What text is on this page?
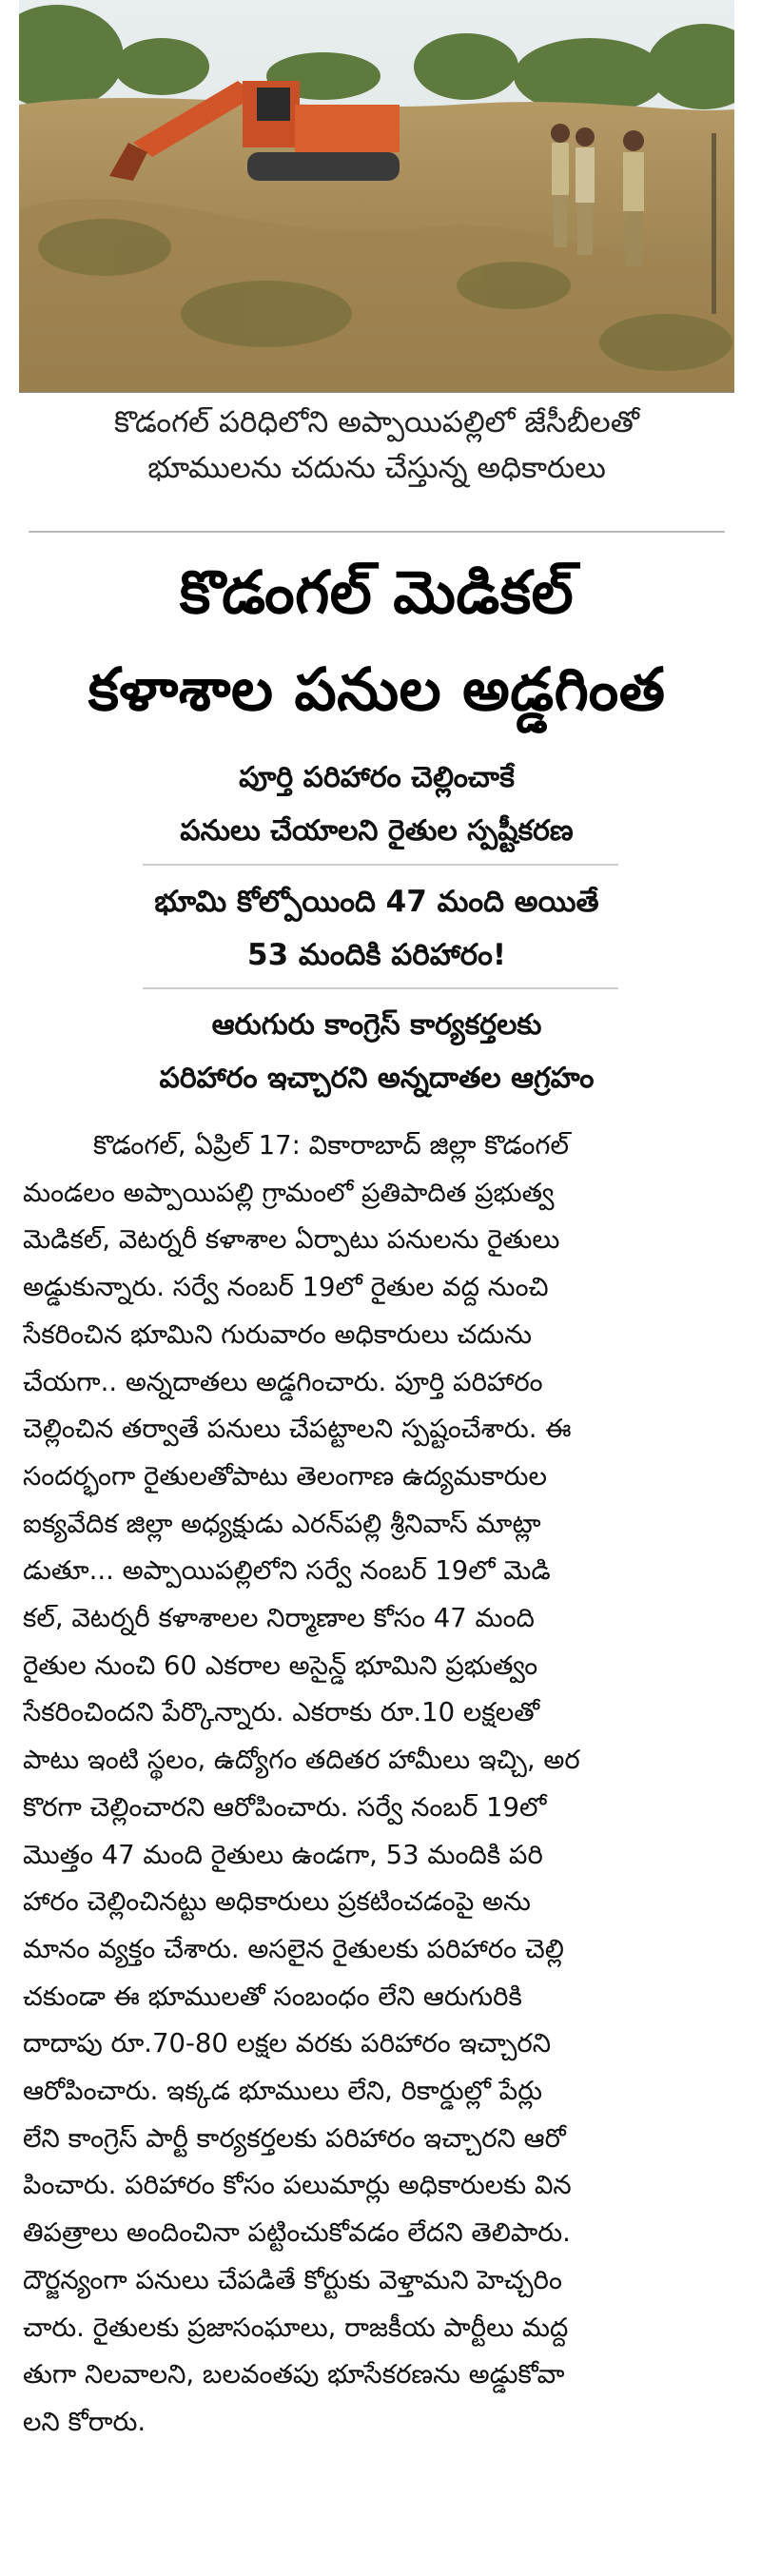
కొడంగల్ పరిధిలోని అప్పాయిపల్లిలో జేసీబీలతో
భూములను చదును చేస్తున్న అధికారులు
కొడంగల్ మెడికల్
కళాశాల పనుల అడ్డగింత
పూర్తి పరిహారం చెల్లించాకే
పనులు చేయాలని రైతుల స్పష్టీకరణ
భూమి కోల్పోయింది 47 మంది అయితే
53 మందికి పరిహారం!
ఆరుగురు కాంగ్రెస్ కార్యకర్తలకు
పరిహారం ఇచ్చారని అన్నదాతల ఆగ్రహం
కొడంగల్, ఏప్రిల్ 17: వికారాబాద్ జిల్లా కొడంగల్
మండలం అప్పాయిపల్లి గ్రామంలో ప్రతిపాదిత ప్రభుత్వ
మెడికల్, వెటర్నరీ కళాశాల ఏర్పాటు పనులను రైతులు
అడ్డుకున్నారు. సర్వే నంబర్ 19లో రైతుల వద్ద నుంచి
సేకరించిన భూమిని గురువారం అధికారులు చదును
చేయగా.. అన్నదాతలు అడ్డగించారు. పూర్తి పరిహారం
చెల్లించిన తర్వాతే పనులు చేపట్టాలని స్పష్టంచేశారు. ఈ
సందర్భంగా రైతులతోపాటు తెలంగాణ ఉద్యమకారుల
ఐక్యవేదిక జిల్లా అధ్యక్షుడు ఎరన్‌పల్లి శ్రీనివాస్ మాట్లా
డుతూ... అప్పాయిపల్లిలోని సర్వే నంబర్ 19లో మెడి
కల్, వెటర్నరీ కళాశాలల నిర్మాణాల కోసం 47 మంది
రైతుల నుంచి 60 ఎకరాల అసైన్డ్ భూమిని ప్రభుత్వం
సేకరించిందని పేర్కొన్నారు. ఎకరాకు రూ.10 లక్షలతో
పాటు ఇంటి స్థలం, ఉద్యోగం తదితర హామీలు ఇచ్చి, అర
కొరగా చెల్లించారని ఆరోపించారు. సర్వే నంబర్ 19లో
మొత్తం 47 మంది రైతులు ఉండగా, 53 మందికి పరి
హారం చెల్లించినట్టు అధికారులు ప్రకటించడంపై అను
మానం వ్యక్తం చేశారు. అసలైన రైతులకు పరిహారం చెల్లి
చకుండా ఈ భూములతో సంబంధం లేని ఆరుగురికి
దాదాపు రూ.70-80 లక్షల వరకు పరిహారం ఇచ్చారని
ఆరోపించారు. ఇక్కడ భూములు లేని, రికార్డుల్లో పేర్లు
లేని కాంగ్రెస్ పార్టీ కార్యకర్తలకు పరిహారం ఇచ్చారని ఆరో
పించారు. పరిహారం కోసం పలుమార్లు అధికారులకు విన
తిపత్రాలు అందించినా పట్టించుకోవడం లేదని తెలిపారు.
దౌర్జన్యంగా పనులు చేపడితే కోర్టుకు వెళ్తామని హెచ్చరిం
చారు. రైతులకు ప్రజాసంఘాలు, రాజకీయ పార్టీలు మద్ద
తుగా నిలవాలని, బలవంతపు భూసేకరణను అడ్డుకోవా
లని కోరారు.
